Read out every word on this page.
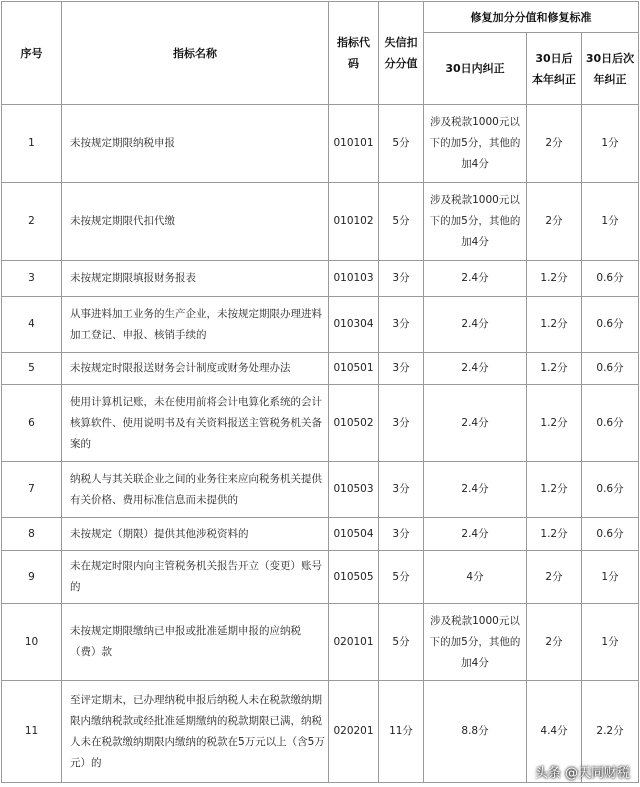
序号	指标名称	指标代码	失信扣分分值	修复加分分值和修复标准		
				30日内纠正	30日后本年纠正	30日后次年纠正
1	未按规定期限纳税申报	010101	5分	涉及税款1000元以下的加5分，其他的加4分	2分	1分
2	未按规定期限代扣代缴	010102	5分	涉及税款1000元以下的加5分，其他的加4分	2分	1分
3	未按规定期限填报财务报表	010103	3分	2.4分	1.2分	0.6分
4	从事进料加工业务的生产企业，未按规定期限办理进料加工登记、申报、核销手续的	010304	3分	2.4分	1.2分	0.6分
5	未按规定时限报送财务会计制度或财务处理办法	010501	3分	2.4分	1.2分	0.6分
6	使用计算机记账，未在使用前将会计电算化系统的会计核算软件、使用说明书及有关资料报送主管税务机关备案的	010502	3分	2.4分	1.2分	0.6分
7	纳税人与其关联企业之间的业务往来应向税务机关提供有关价格、费用标准信息而未提供的	010503	3分	2.4分	1.2分	0.6分
8	未按规定（期限）提供其他涉税资料的	010504	3分	2.4分	1.2分	0.6分
9	未在规定时限内向主管税务机关报告开立（变更）账号的	010505	5分	4分	2分	1分
10	未按规定期限缴纳已申报或批准延期申报的应纳税（费）款	020101	5分	涉及税款1000元以下的加5分，其他的加4分	2分	1分
11	至评定期末，已办理纳税申报后纳税人未在税款缴纳期限内缴纳税款或经批准延期缴纳的税款期限已满，纳税人未在税款缴纳期限内缴纳的税款在5万元以上（含5万元）的	020201	11分	8.8分	4.4分	2.2分
头条 @天同财税
